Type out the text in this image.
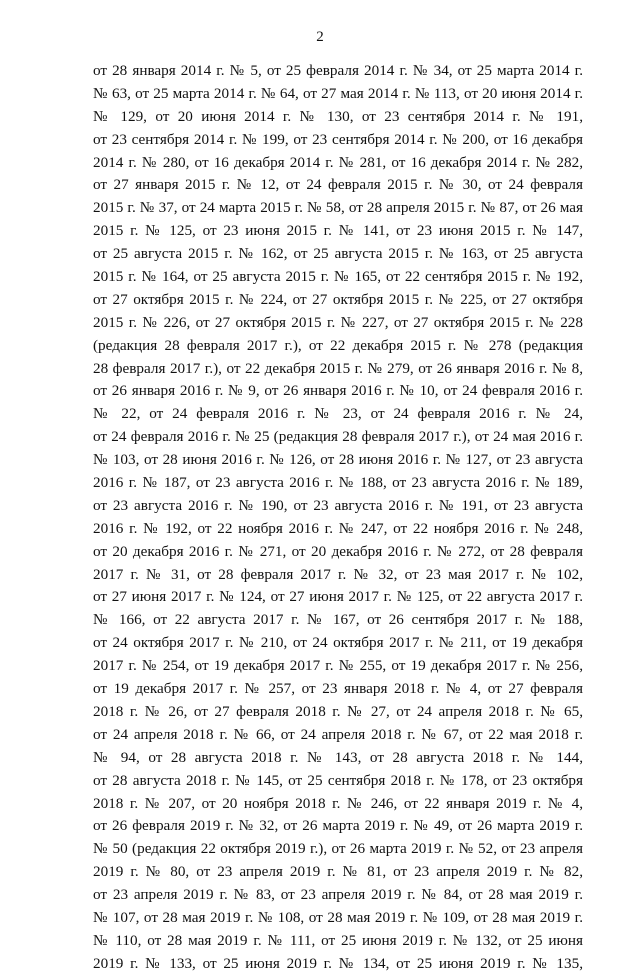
2
от 28 января 2014 г. № 5, от 25 февраля 2014 г. № 34, от 25 марта 2014 г.
№ 63, от 25 марта 2014 г. № 64, от 27 мая 2014 г. № 113, от 20 июня 2014 г.
№ 129, от 20 июня 2014 г. № 130, от 23 сентября 2014 г. № 191,
от 23 сентября 2014 г. № 199, от 23 сентября 2014 г. № 200, от 16 декабря
2014 г. № 280, от 16 декабря 2014 г. № 281, от 16 декабря 2014 г. № 282,
от 27 января 2015 г. № 12, от 24 февраля 2015 г. № 30, от 24 февраля
2015 г. № 37, от 24 марта 2015 г. № 58, от 28 апреля 2015 г. № 87, от 26 мая
2015 г. № 125, от 23 июня 2015 г. № 141, от 23 июня 2015 г. № 147,
от 25 августа 2015 г. № 162, от 25 августа 2015 г. № 163, от 25 августа
2015 г. № 164, от 25 августа 2015 г. № 165, от 22 сентября 2015 г. № 192,
от 27 октября 2015 г. № 224, от 27 октября 2015 г. № 225, от 27 октября
2015 г. № 226, от 27 октября 2015 г. № 227, от 27 октября 2015 г. № 228
(редакция 28 февраля 2017 г.), от 22 декабря 2015 г. № 278 (редакция
28 февраля 2017 г.), от 22 декабря 2015 г. № 279, от 26 января 2016 г. № 8,
от 26 января 2016 г. № 9, от 26 января 2016 г. № 10, от 24 февраля 2016 г.
№ 22, от 24 февраля 2016 г. № 23, от 24 февраля 2016 г. № 24,
от 24 февраля 2016 г. № 25 (редакция 28 февраля 2017 г.), от 24 мая 2016 г.
№ 103, от 28 июня 2016 г. № 126, от 28 июня 2016 г. № 127, от 23 августа
2016 г. № 187, от 23 августа 2016 г. № 188, от 23 августа 2016 г. № 189,
от 23 августа 2016 г. № 190, от 23 августа 2016 г. № 191, от 23 августа
2016 г. № 192, от 22 ноября 2016 г. № 247, от 22 ноября 2016 г. № 248,
от 20 декабря 2016 г. № 271, от 20 декабря 2016 г. № 272, от 28 февраля
2017 г. № 31, от 28 февраля 2017 г. № 32, от 23 мая 2017 г. № 102,
от 27 июня 2017 г. № 124, от 27 июня 2017 г. № 125, от 22 августа 2017 г.
№ 166, от 22 августа 2017 г. № 167, от 26 сентября 2017 г. № 188,
от 24 октября 2017 г. № 210, от 24 октября 2017 г. № 211, от 19 декабря
2017 г. № 254, от 19 декабря 2017 г. № 255, от 19 декабря 2017 г. № 256,
от 19 декабря 2017 г. № 257, от 23 января 2018 г. № 4, от 27 февраля
2018 г. № 26, от 27 февраля 2018 г. № 27, от 24 апреля 2018 г. № 65,
от 24 апреля 2018 г. № 66, от 24 апреля 2018 г. № 67, от 22 мая 2018 г.
№ 94, от 28 августа 2018 г. № 143, от 28 августа 2018 г. № 144,
от 28 августа 2018 г. № 145, от 25 сентября 2018 г. № 178, от 23 октября
2018 г. № 207, от 20 ноября 2018 г. № 246, от 22 января 2019 г. № 4,
от 26 февраля 2019 г. № 32, от 26 марта 2019 г. № 49, от 26 марта 2019 г.
№ 50 (редакция 22 октября 2019 г.), от 26 марта 2019 г. № 52, от 23 апреля
2019 г. № 80, от 23 апреля 2019 г. № 81, от 23 апреля 2019 г. № 82,
от 23 апреля 2019 г. № 83, от 23 апреля 2019 г. № 84, от 28 мая 2019 г.
№ 107, от 28 мая 2019 г. № 108, от 28 мая 2019 г. № 109, от 28 мая 2019 г.
№ 110, от 28 мая 2019 г. № 111, от 25 июня 2019 г. № 132, от 25 июня
2019 г. № 133, от 25 июня 2019 г. № 134, от 25 июня 2019 г. № 135,
